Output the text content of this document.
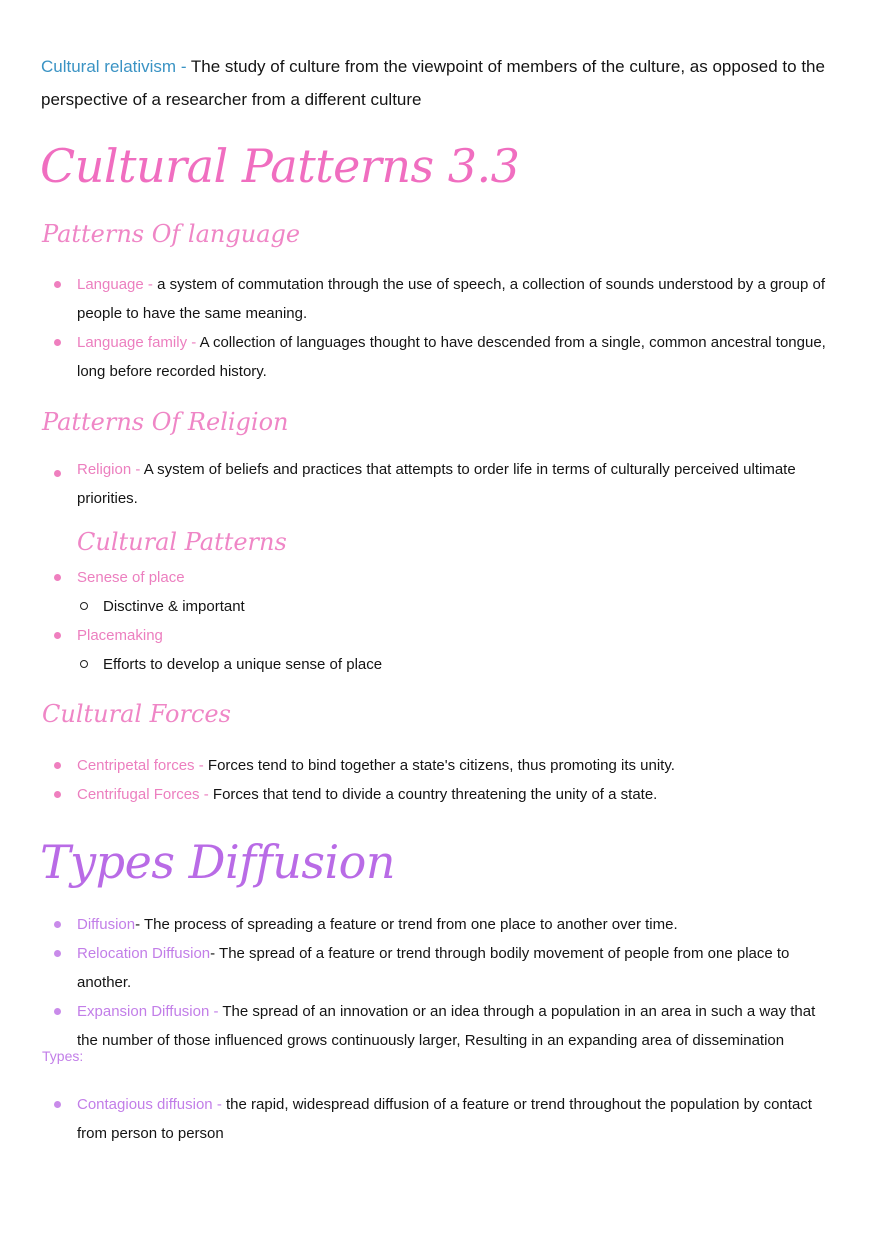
Cultural relativism - The study of culture from the viewpoint of members of the culture, as opposed to the perspective of a researcher from a different culture
Cultural Patterns 3.3
Patterns Of language
Language - a system of commutation through the use of speech, a collection of sounds understood by a group of people to have the same meaning.
Language family - A collection of languages thought to have descended from a single, common ancestral tongue, long before recorded history.
Patterns Of Religion
Religion - A system of beliefs and practices that attempts to order life in terms of culturally perceived ultimate priorities.
Cultural Patterns
Senese of place
Disctinve & important
Placemaking
Efforts to develop a unique sense of place
Cultural Forces
Centripetal forces - Forces tend to bind together a state's citizens, thus promoting its unity.
Centrifugal Forces - Forces that tend to divide a country threatening the unity of a state.
Types Diffusion
Diffusion- The process of spreading a feature or trend from one place to another over time.
Relocation Diffusion- The spread of a feature or trend through bodily movement of people from one place to another.
Expansion Diffusion - The spread of an innovation or an idea through a population in an area in such a way that the number of those influenced grows continuously larger, Resulting in an expanding area of dissemination
Types:
Contagious diffusion - the rapid, widespread diffusion of a feature or trend throughout the population by contact from person to person
